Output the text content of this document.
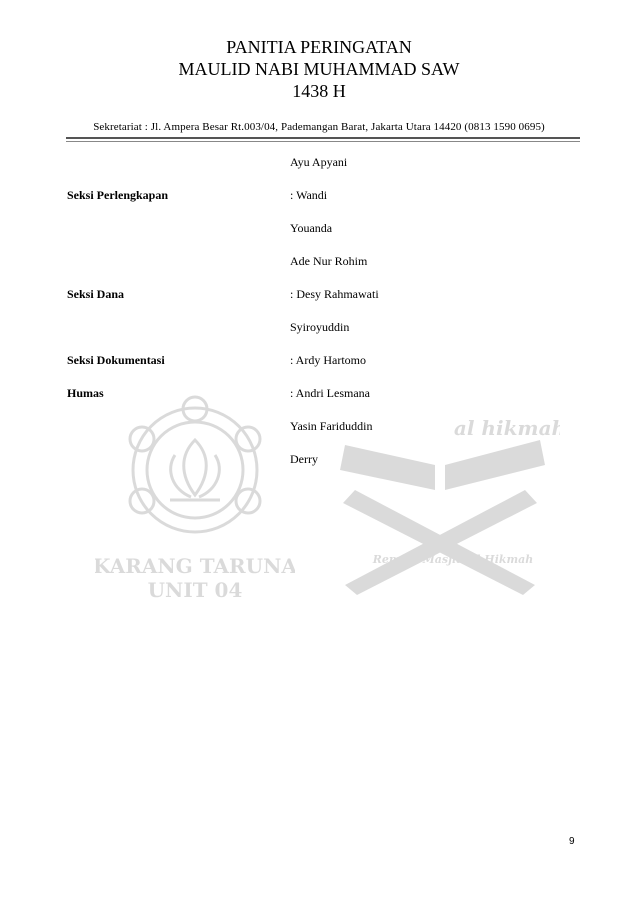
PANITIA PERINGATAN
MAULID NABI MUHAMMAD SAW
1438 H
Sekretariat : Jl. Ampera Besar Rt.003/04, Pademangan Barat, Jakarta Utara 14420 (0813 1590 0695)
KARANG TARUNA
UNIT 04
al hikmah
Remaja Masjid Al Hikmah
Ayu Apyani
Seksi Perlengkapan	: Wandi
Youanda
Ade Nur Rohim
Seksi Dana	: Desy Rahmawati
Syiroyuddin
Seksi Dokumentasi	: Ardy Hartomo
Humas	: Andri Lesmana
Yasin Fariduddin
Derry
9
